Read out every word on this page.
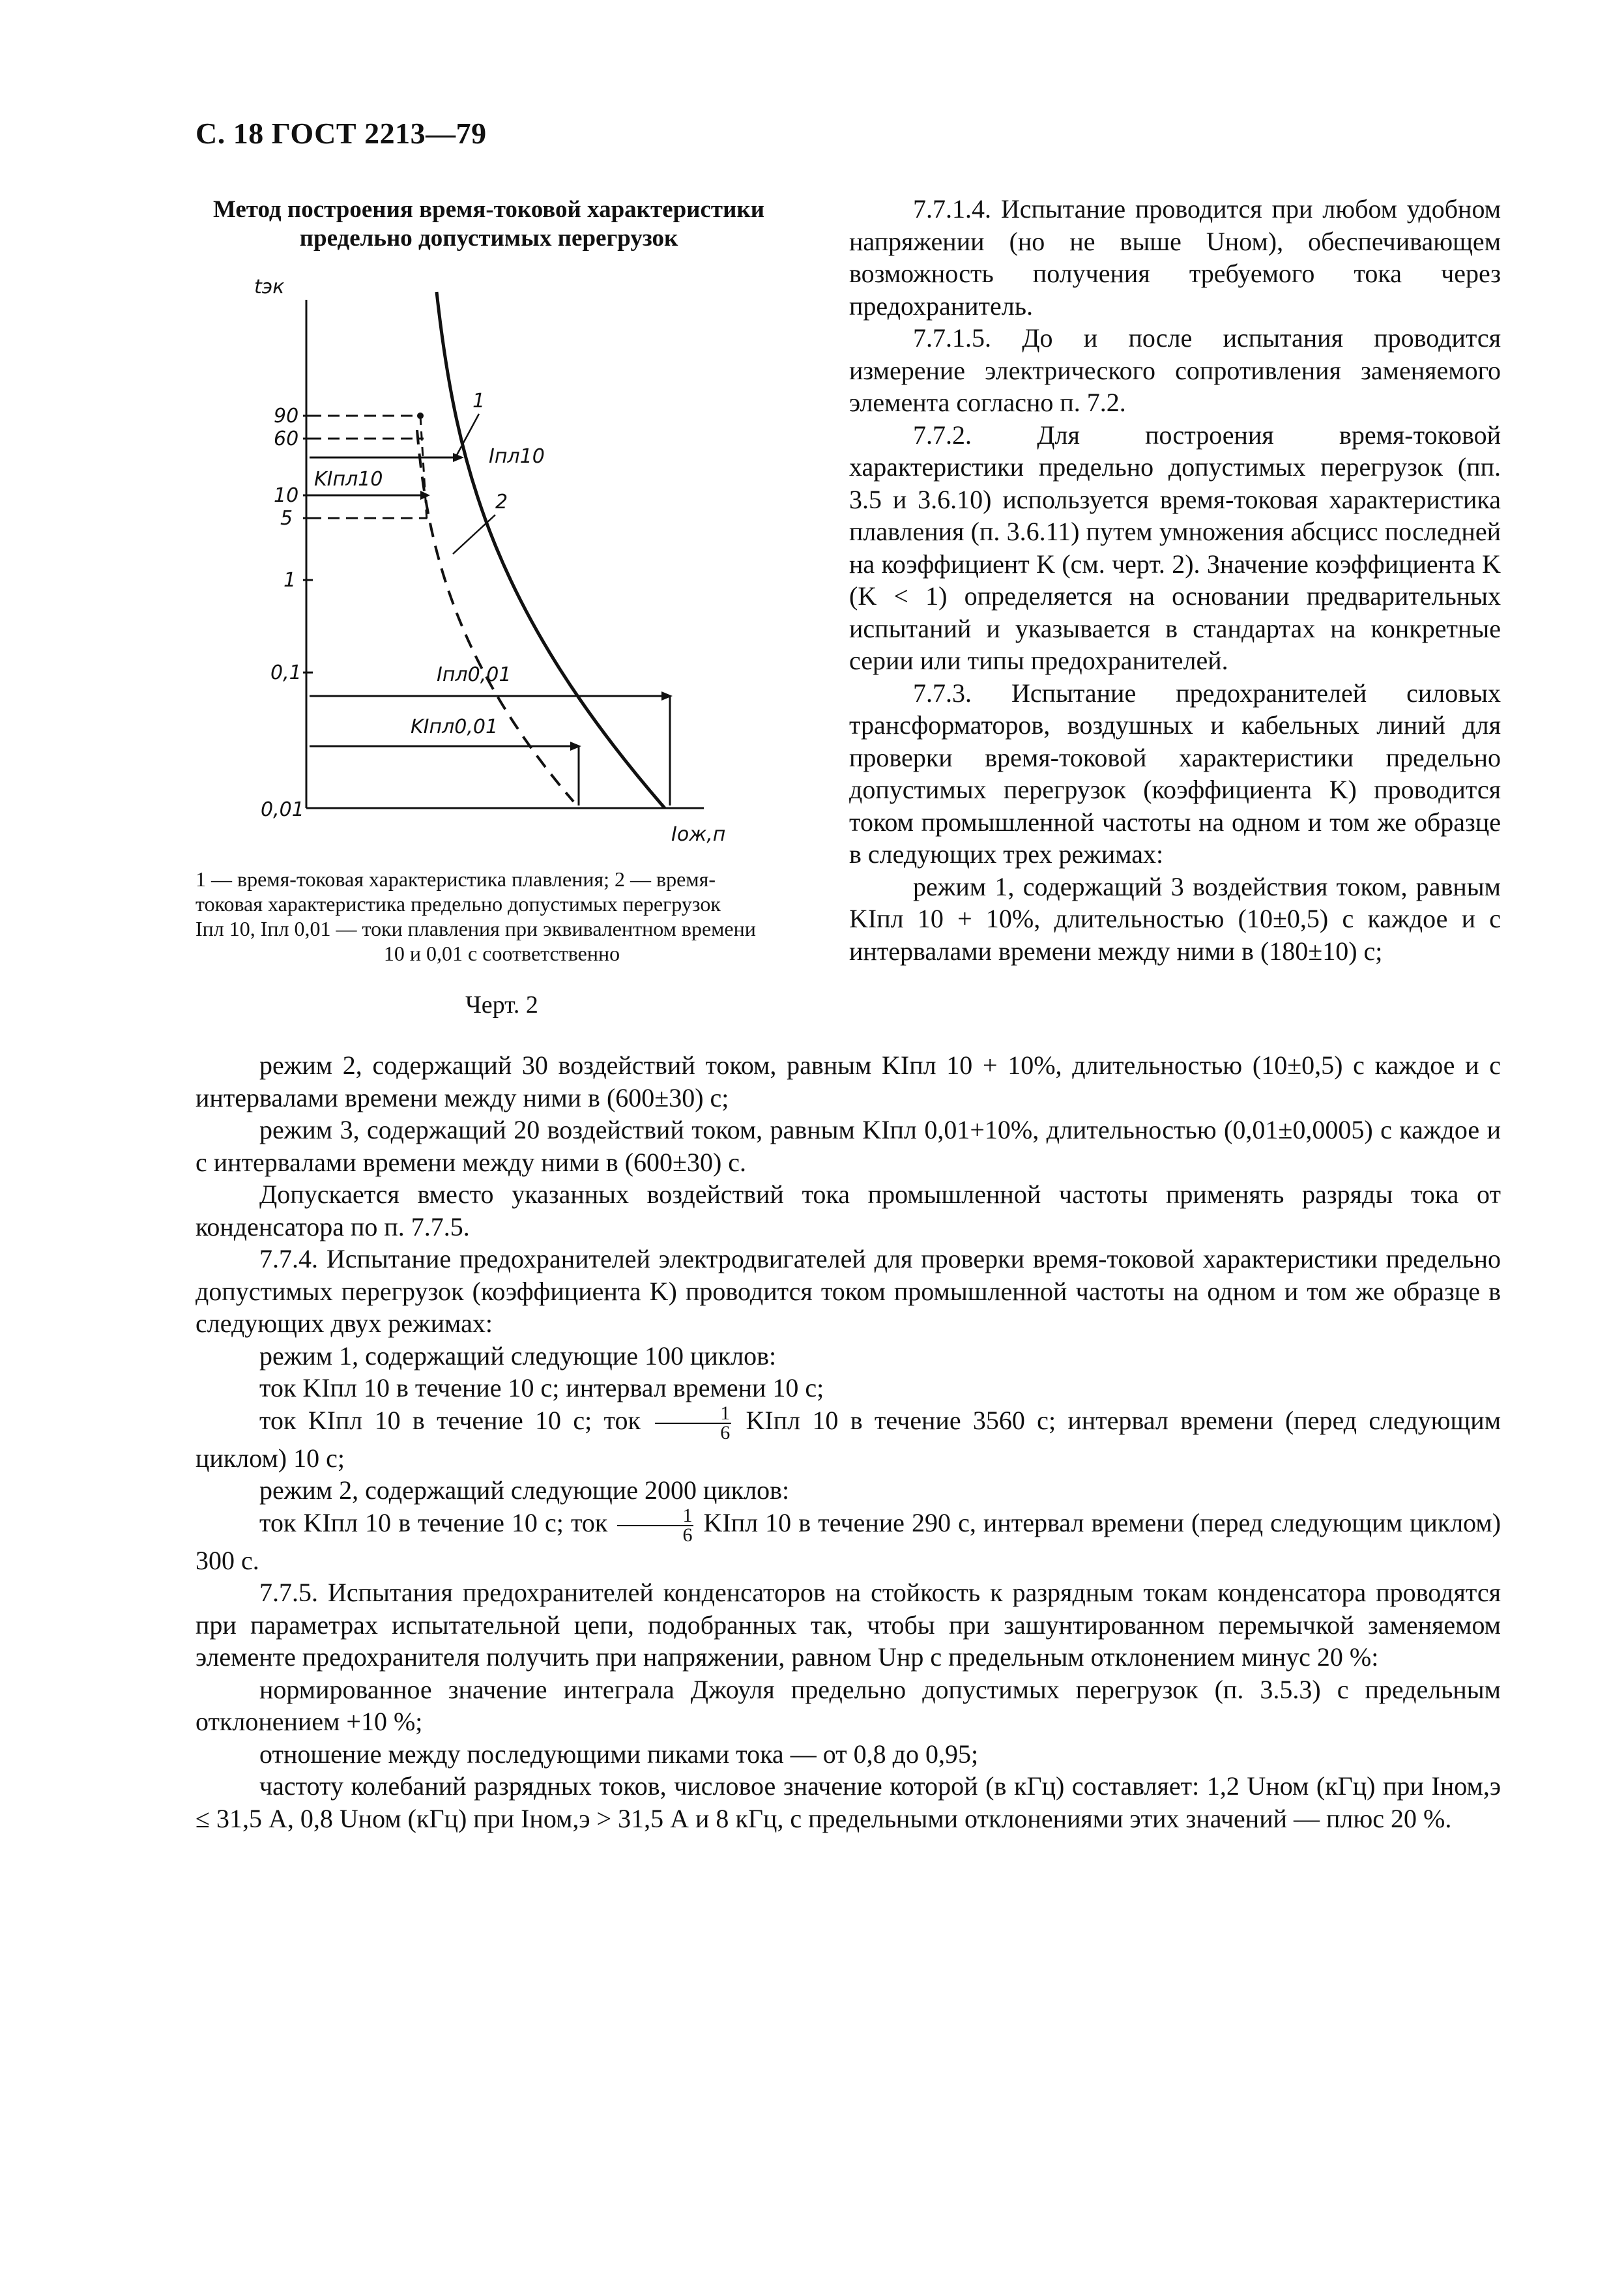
С. 18 ГОСТ 2213—79
Метод построения время-токовой характеристики
предельно допустимых перегрузок
tэк
Iож,п
90
60
10
5
1
0,1
0,01
KIпл10
Iпл10
1
2
Iпл0,01
KIпл0,01

1 — время-токовая характеристика плавления; 2 — время-

токовая характеристика предельно допустимых перегрузок

Iпл 10, Iпл 0,01 — токи плавления при эквивалентном времени

10 и 0,01 с соответственно

Черт. 2

7.7.1.4. Испытание проводится при любом удобном напряжении (но не выше Uном), обеспечивающем возможность получения требуемого тока через предохранитель.

7.7.1.5. До и после испытания проводится измерение электрического сопротивления заменяемого элемента согласно п. 7.2.

7.7.2. Для построения время-токовой характеристики предельно допустимых перегрузок (пп. 3.5 и 3.6.10) используется время-токовая характеристика плавления (п. 3.6.11) путем умножения абсцисс последней на коэффициент K (см. черт. 2). Значение коэффициента K (K < 1) определяется на основании предварительных испытаний и указывается в стандартах на конкретные серии или типы предохранителей.

7.7.3. Испытание предохранителей силовых трансформаторов, воздушных и кабельных линий для проверки время-токовой характеристики предельно допустимых перегрузок (коэффициента K) проводится током промышленной частоты на одном и том же образце в следующих трех режимах:

режим 1, содержащий 3 воздействия током, равным KIпл 10 + 10%, длительностью (10±0,5) с каждое и с интервалами времени между ними в (180±10) с;

режим 2, содержащий 30 воздействий током, равным KIпл 10 + 10%, длительностью (10±0,5) с каждое и с интервалами времени между ними в (600±30) с;

режим 3, содержащий 20 воздействий током, равным KIпл 0,01+10%, длительностью (0,01±0,0005) с каждое и с интервалами времени между ними в (600±30) с.

Допускается вместо указанных воздействий тока промышленной частоты применять разряды тока от конденсатора по п. 7.7.5.

7.7.4. Испытание предохранителей электродвигателей для проверки время-токовой характеристики предельно допустимых перегрузок (коэффициента K) проводится током промышленной частоты на одном и том же образце в следующих двух режимах:

режим 1, содержащий следующие 100 циклов:

ток KIпл 10 в течение 10 с; интервал времени 10 с;

ток KIпл 10 в течение 10 с; ток $\frac{1}{6}$ KIпл 10 в течение 3560 с; интервал времени (перед следующим циклом) 10 с;

режим 2, содержащий следующие 2000 циклов:

ток KIпл 10 в течение 10 с; ток $\frac{1}{6}$ KIпл 10 в течение 290 с, интервал времени (перед следующим циклом) 300 с.

7.7.5. Испытания предохранителей конденсаторов на стойкость к разрядным токам конденсатора проводятся при параметрах испытательной цепи, подобранных так, чтобы при зашунтированном перемычкой заменяемом элементе предохранителя получить при напряжении, равном Uнр с предельным отклонением минус 20 %:

нормированное значение интеграла Джоуля предельно допустимых перегрузок (п. 3.5.3) с предельным отклонением +10 %;

отношение между последующими пиками тока — от 0,8 до 0,95;

частоту колебаний разрядных токов, числовое значение которой (в кГц) составляет: 1,2 Uном (кГц) при Iном,э ≤ 31,5 А, 0,8 Uном (кГц) при Iном,э > 31,5 А и 8 кГц, с предельными отклонениями этих значений — плюс 20 %.
